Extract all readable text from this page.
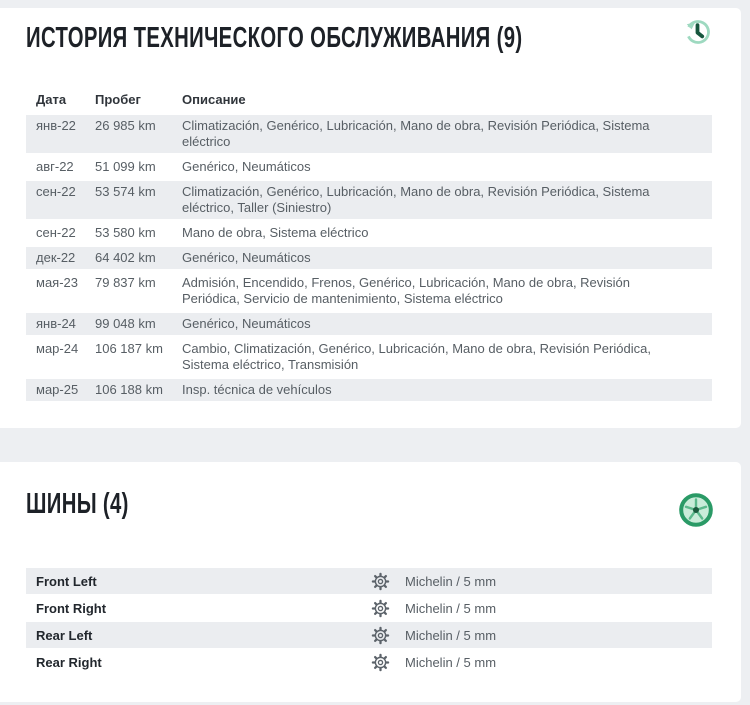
ИСТОРИЯ ТЕХНИЧЕСКОГО ОБСЛУЖИВАНИЯ (9)
Дата	Пробег	Описание
янв-22	26 985 km	Climatización, Genérico, Lubricación, Mano de obra, Revisión Periódica, Sistema eléctrico
авг-22	51 099 km	Genérico, Neumáticos
сен-22	53 574 km	Climatización, Genérico, Lubricación, Mano de obra, Revisión Periódica, Sistema eléctrico, Taller (Siniestro)
сен-22	53 580 km	Mano de obra, Sistema eléctrico
дек-22	64 402 km	Genérico, Neumáticos
мая-23	79 837 km	Admisión, Encendido, Frenos, Genérico, Lubricación, Mano de obra, Revisión Periódica, Servicio de mantenimiento, Sistema eléctrico
янв-24	99 048 km	Genérico, Neumáticos
мар-24	106 187 km	Cambio, Climatización, Genérico, Lubricación, Mano de obra, Revisión Periódica, Sistema eléctrico, Transmisión
мар-25	106 188 km	Insp. técnica de vehículos
ШИНЫ (4)
Front Left	Michelin / 5 mm
Front Right	Michelin / 5 mm
Rear Left	Michelin / 5 mm
Rear Right	Michelin / 5 mm
